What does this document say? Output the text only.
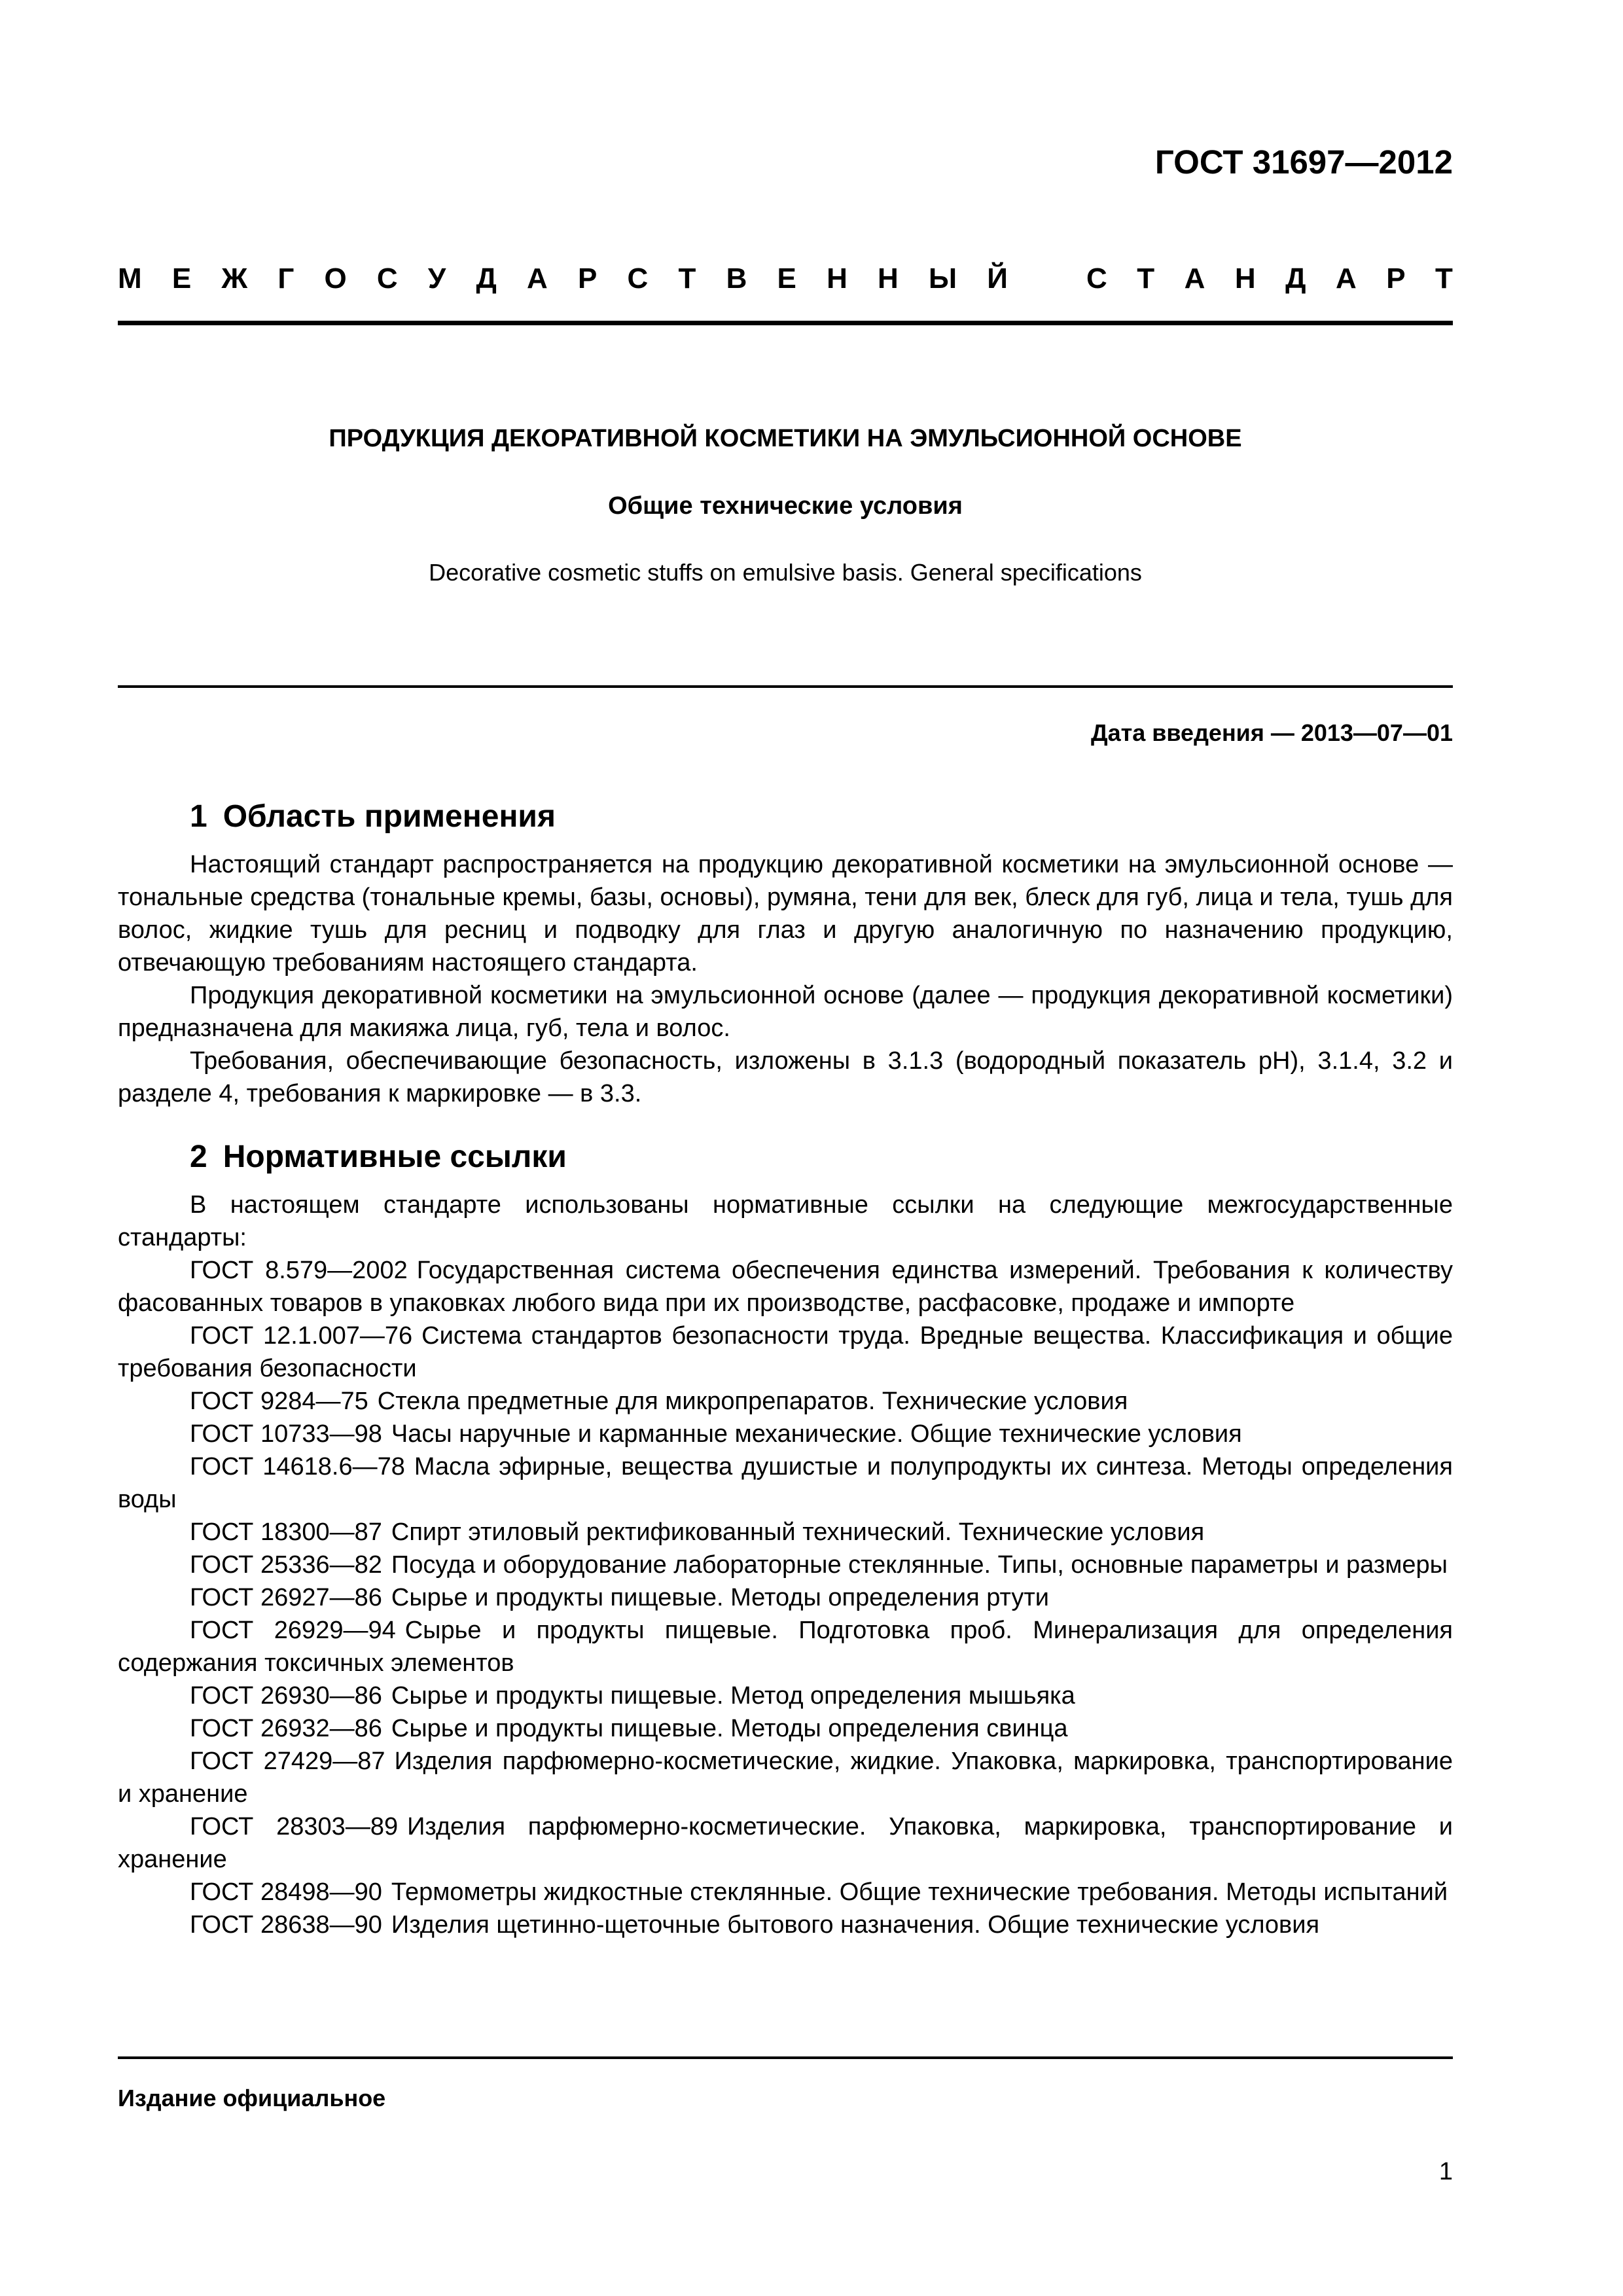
ГОСТ 31697—2012
М Е Ж Г О С У Д А Р С Т В Е Н Н Ы Й	С Т А Н Д А Р Т
ПРОДУКЦИЯ ДЕКОРАТИВНОЙ КОСМЕТИКИ НА ЭМУЛЬСИОННОЙ ОСНОВЕ
Общие технические условия
Decorative cosmetic stuffs on emulsive basis. General specifications
Дата введения — 2013—07—01
1 Область применения

Настоящий стандарт распространяется на продукцию декоративной косметики на эмульсионной основе — тональные средства (тональные кремы, базы, основы), румяна, тени для век, блеск для губ, лица и тела, тушь для волос, жидкие тушь для ресниц и подводку для глаз и другую аналогичную по назначению продукцию, отвечающую требованиям настоящего стандарта.

Продукция декоративной косметики на эмульсионной основе (далее — продукция декоративной косметики) предназначена для макияжа лица, губ, тела и волос.

Требования, обеспечивающие безопасность, изложены в 3.1.3 (водородный показатель pH), 3.1.4, 3.2 и разделе 4, требования к маркировке — в 3.3.

2 Нормативные ссылки

В настоящем стандарте использованы нормативные ссылки на следующие межгосударственные стандарты:

ГОСТ 8.579—2002 Государственная система обеспечения единства измерений. Требования к количеству фасованных товаров в упаковках любого вида при их производстве, расфасовке, продаже и импорте

ГОСТ 12.1.007—76 Система стандартов безопасности труда. Вредные вещества. Классификация и общие требования безопасности

ГОСТ 9284—75 Стекла предметные для микропрепаратов. Технические условия

ГОСТ 10733—98 Часы наручные и карманные механические. Общие технические условия

ГОСТ 14618.6—78 Масла эфирные, вещества душистые и полупродукты их синтеза. Методы определения воды

ГОСТ 18300—87 Спирт этиловый ректификованный технический. Технические условия

ГОСТ 25336—82 Посуда и оборудование лабораторные стеклянные. Типы, основные параметры и размеры

ГОСТ 26927—86 Сырье и продукты пищевые. Методы определения ртути

ГОСТ 26929—94 Сырье и продукты пищевые. Подготовка проб. Минерализация для определения содержания токсичных элементов

ГОСТ 26930—86 Сырье и продукты пищевые. Метод определения мышьяка

ГОСТ 26932—86 Сырье и продукты пищевые. Методы определения свинца

ГОСТ 27429—87 Изделия парфюмерно-косметические, жидкие. Упаковка, маркировка, транспортирование и хранение

ГОСТ 28303—89 Изделия парфюмерно-косметические. Упаковка, маркировка, транспортирование и хранение

ГОСТ 28498—90 Термометры жидкостные стеклянные. Общие технические требования. Методы испытаний

ГОСТ 28638—90 Изделия щетинно-щеточные бытового назначения. Общие технические условия

Издание официальное
1
